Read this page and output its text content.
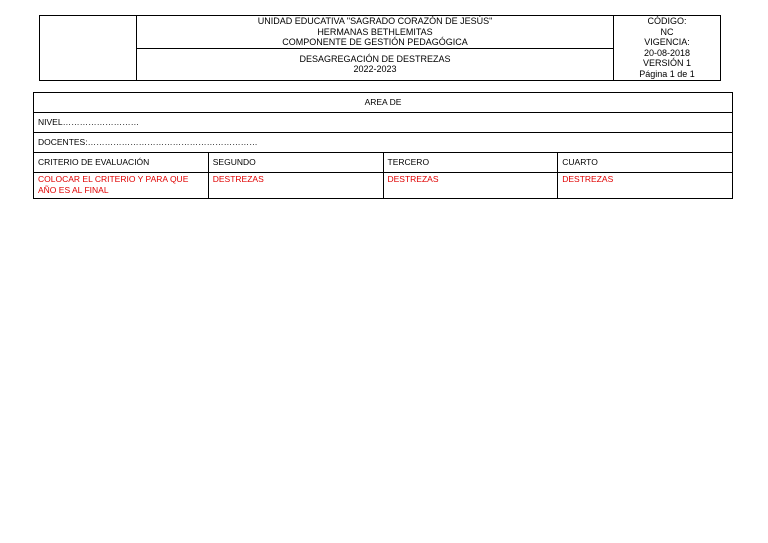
UNIDAD EDUCATIVA "SAGRADO CORAZÓN DE JESÚS"
HERMANAS BETHLEMITAS
COMPONENTE DE GESTIÓN PEDAGÓGICA

CÓDIGO:
NC
VIGENCIA:
20-08-2018
VERSIÓN 1
Página 1 de 1

DESAGREGACIÓN DE DESTREZAS
2022-2023
AREA DE			
NIVEL………………………			
DOCENTES:……………………………………………………			
CRITERIO DE EVALUACIÓN	SEGUNDO	TERCERO	CUARTO
COLOCAR EL CRITERIO Y PARA QUE AÑO ES AL FINAL	DESTREZAS	DESTREZAS	DESTREZAS
